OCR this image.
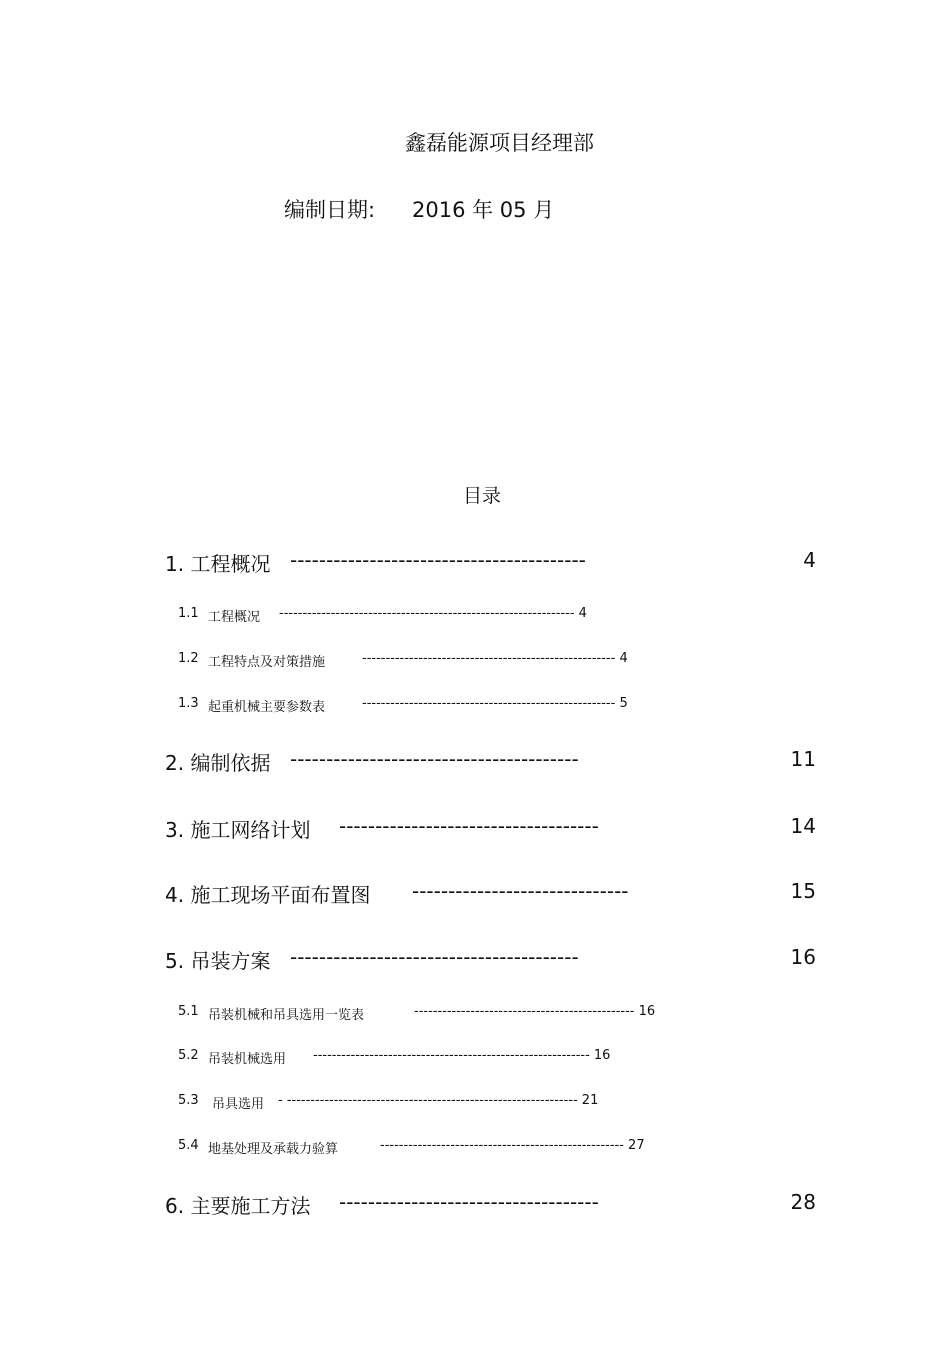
鑫磊能源项目经理部
编制日期: 2016 年 05 月
目录
1. 工程概况 -----------------------------------------	4
1.1 工程概况 --------------------------------------------------------------- 4
1.2 工程特点及对策措施	------------------------------------------------------ 4
1.3 起重机械主要参数表	------------------------------------------------------ 5
2. 编制依据 ----------------------------------------	11
3. 施工网络计划 ------------------------------------	14
4. 施工现场平面布置图 ------------------------------	15
5. 吊装方案 ----------------------------------------	16
5.1 吊装机械和吊具选用一览表	----------------------------------------------- 16
5.2 吊装机械选用 ----------------------------------------------------------- 16
5.3 吊具选用 - -------------------------------------------------------------- 21
5.4 地基处理及承载力验算	---------------------------------------------------- 27
6. 主要施工方法 ------------------------------------	28
